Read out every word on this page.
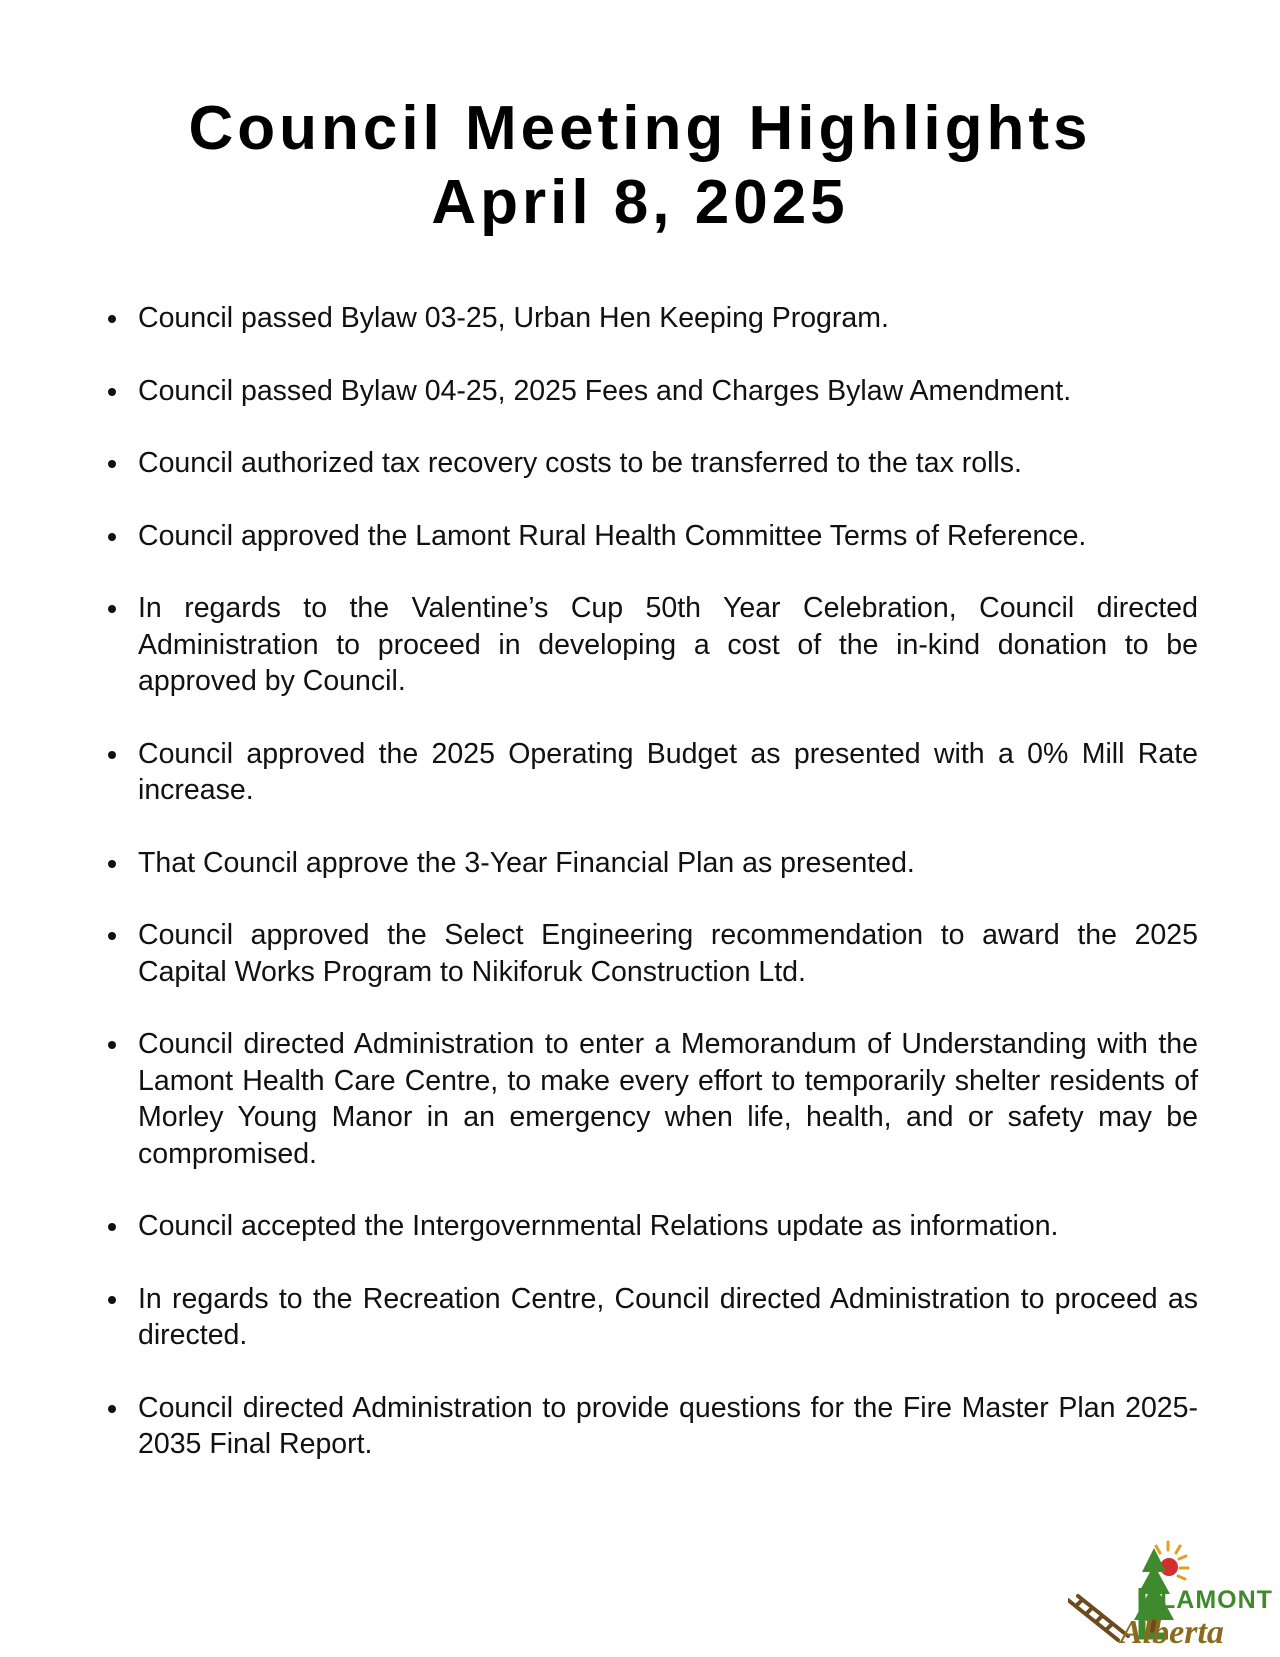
Council Meeting Highlights
April 8, 2025
Council passed Bylaw 03-25, Urban Hen Keeping Program.
Council passed Bylaw 04-25, 2025 Fees and Charges Bylaw Amendment.
Council authorized tax recovery costs to be transferred to the tax rolls.
Council approved the Lamont Rural Health Committee Terms of Reference.
In regards to the Valentine’s Cup 50th Year Celebration, Council directed Administration to proceed in developing a cost of the in-kind donation to be approved by Council.
Council approved the 2025 Operating Budget as presented with a 0% Mill Rate increase.
That Council approve the 3-Year Financial Plan as presented.
Council approved the Select Engineering recommendation to award the 2025 Capital Works Program to Nikiforuk Construction Ltd.
Council directed Administration to enter a Memorandum of Understanding with the Lamont Health Care Centre, to make every effort to temporarily shelter residents of Morley Young Manor in an emergency when life, health, and or safety may be compromised.
Council accepted the Intergovernmental Relations update as information.
In regards to the Recreation Centre, Council directed Administration to proceed as directed.
Council directed Administration to provide questions for the Fire Master Plan 2025-2035 Final Report.
LAMONT
Alberta
